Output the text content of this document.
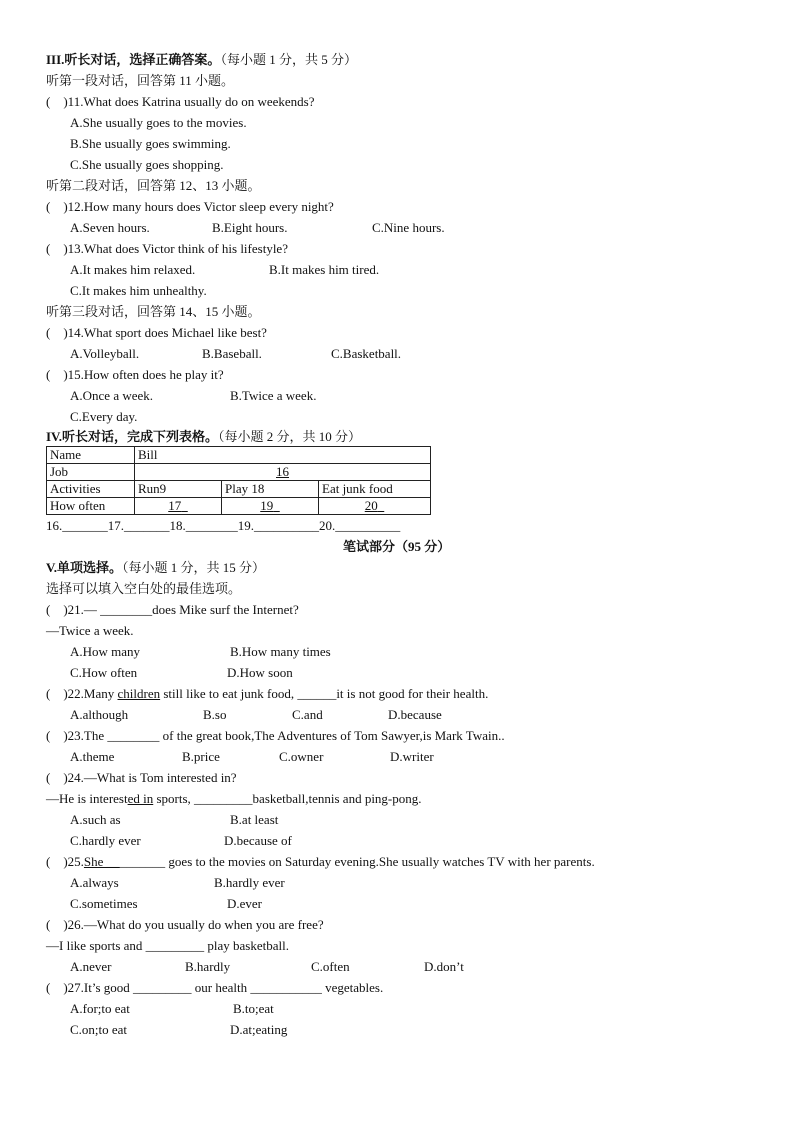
III.听长对话，选择正确答案。（每小题 1 分，共 5 分）
听第一段对话，回答第 11 小题。
(    )11.What does Katrina usually do on weekends?
A.She usually goes to the movies.
B.She usually goes swimming.
C.She usually goes shopping.
听第二段对话，回答第 12、13 小题。
(    )12.How many hours does Victor sleep every night?
A.Seven hours.	B.Eight hours.	C.Nine hours.
(    )13.What does Victor think of his lifestyle?
A.It makes him relaxed.	B.It makes him tired.
C.It makes him unhealthy.
听第三段对话，回答第 14、15 小题。
(    )14.What sport does Michael like best?
A.Volleyball.	B.Baseball.	C.Basketball.
(    )15.How often does he play it?
A.Once a week.	B.Twice a week.
C.Every day.
IV.听长对话，完成下列表格。（每小题 2 分，共 10 分）
Name	Bill		
Job	16		
Activities	Run9	Play 18	Eat junk food
How often	17	19	20
16._______17._______18.________19.__________20.__________
笔试部分（95 分）
V.单项选择。（每小题 1 分，共 15 分）
选择可以填入空白处的最佳选项。
(    )21.— ________does Mike surf the Internet?
—Twice a week.
A.How many	B.How many times
C.How often	D.How soon
(    )22.Many children still like to eat junk food, ______it is not good for their health.
A.although	B.so	C.and	D.because
(    )23.The ________ of the great book,The Adventures of Tom Sawyer,is Mark Twain..
A.theme	B.price	C.owner	D.writer
(    )24.—What is Tom interested in?
—He is interested in sports, _________basketball,tennis and ping-pong.
A.such as	B.at least
C.hardly ever	D.because of
(    )25.She _________ goes to the movies on Saturday evening.She usually watches TV with her parents.
A.always	B.hardly ever
C.sometimes	D.ever
(    )26.—What do you usually do when you are free?
—I like sports and _________ play basketball.
A.never	B.hardly	C.often	D.don’t
(    )27.It’s good _________ our health ___________ vegetables.
A.for;to eat	B.to;eat
C.on;to eat	D.at;eating
